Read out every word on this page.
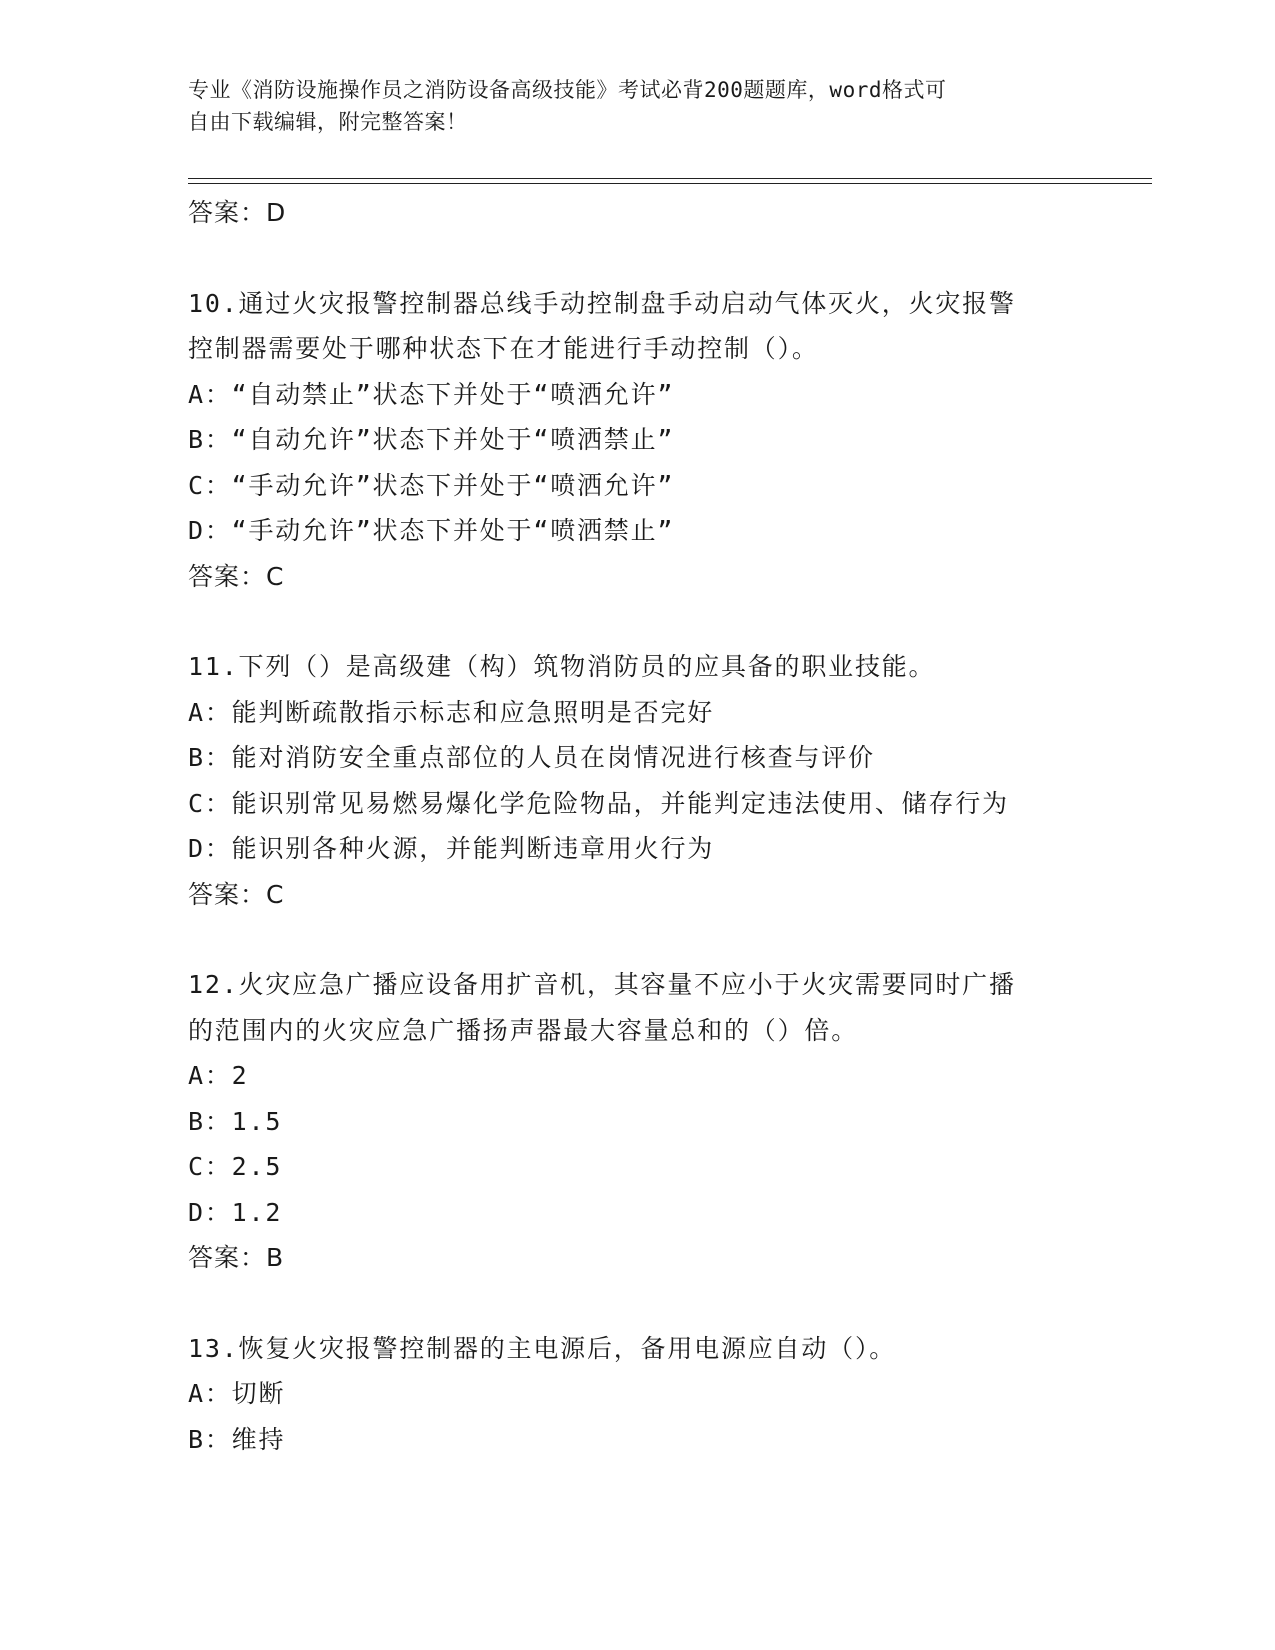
专业《消防设施操作员之消防设备高级技能》考试必背200题题库，word格式可
自由下载编辑，附完整答案！
答案：D
10.通过火灾报警控制器总线手动控制盘手动启动气体灭火，火灾报警
控制器需要处于哪种状态下在才能进行手动控制（）。
A：“自动禁止”状态下并处于“喷洒允许”
B：“自动允许”状态下并处于“喷洒禁止”
C：“手动允许”状态下并处于“喷洒允许”
D：“手动允许”状态下并处于“喷洒禁止”
答案：C
11.下列（）是高级建（构）筑物消防员的应具备的职业技能。
A：能判断疏散指示标志和应急照明是否完好
B：能对消防安全重点部位的人员在岗情况进行核查与评价
C：能识别常见易燃易爆化学危险物品，并能判定违法使用、储存行为
D：能识别各种火源，并能判断违章用火行为
答案：C
12.火灾应急广播应设备用扩音机，其容量不应小于火灾需要同时广播
的范围内的火灾应急广播扬声器最大容量总和的（）倍。
A：2
B：1.5
C：2.5
D：1.2
答案：B
13.恢复火灾报警控制器的主电源后，备用电源应自动（）。
A：切断
B：维持
